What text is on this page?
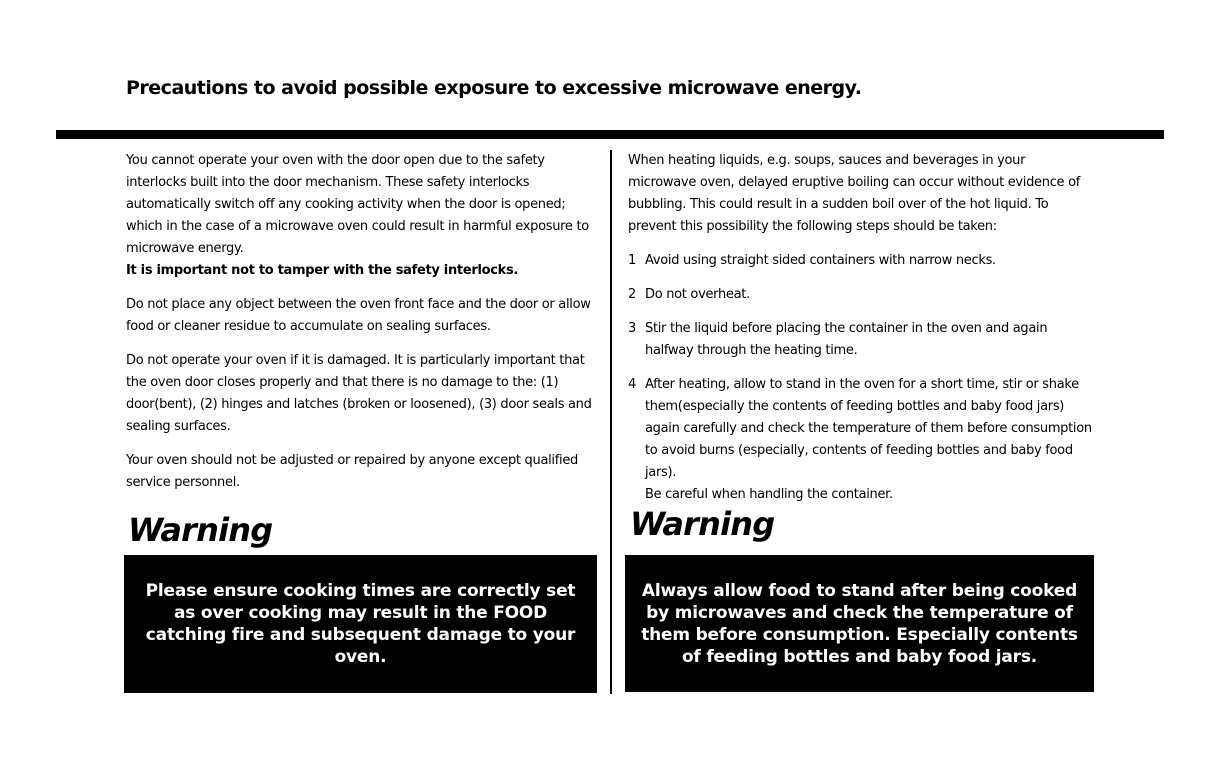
Precautions to avoid possible exposure to excessive microwave energy.

You cannot operate your oven with the door open due to the safety interlocks built into the door mechanism. These safety interlocks automatically switch off any cooking activity when the door is opened; which in the case of a microwave oven could result in harmful exposure to microwave energy.
It is important not to tamper with the safety interlocks.

Do not place any object between the oven front face and the door or allow food or cleaner residue to accumulate on sealing surfaces.

Do not operate your oven if it is damaged. It is particularly important that the oven door closes properly and that there is no damage to the: (1) door(bent), (2) hinges and latches (broken or loosened), (3) door seals and sealing surfaces.

Your oven should not be adjusted or repaired by anyone except qualified service personnel.

When heating liquids, e.g. soups, sauces and beverages in your microwave oven, delayed eruptive boiling can occur without evidence of bubbling. This could result in a sudden boil over of the hot liquid. To prevent this possibility the following steps should be taken:

1 Avoid using straight sided containers with narrow necks.
2 Do not overheat.
3 Stir the liquid before placing the container in the oven and again halfway through the heating time.
4 After heating, allow to stand in the oven for a short time, stir or shake them(especially the contents of feeding bottles and baby food jars) again carefully and check the temperature of them before consumption to avoid burns (especially, contents of feeding bottles and baby food jars).
Be careful when handling the container.
Warning
Please ensure cooking times are correctly set as over cooking may result in the FOOD catching fire and subsequent damage to your oven.
Warning
Always allow food to stand after being cooked by microwaves and check the temperature of them before consumption. Especially contents of feeding bottles and baby food jars.
